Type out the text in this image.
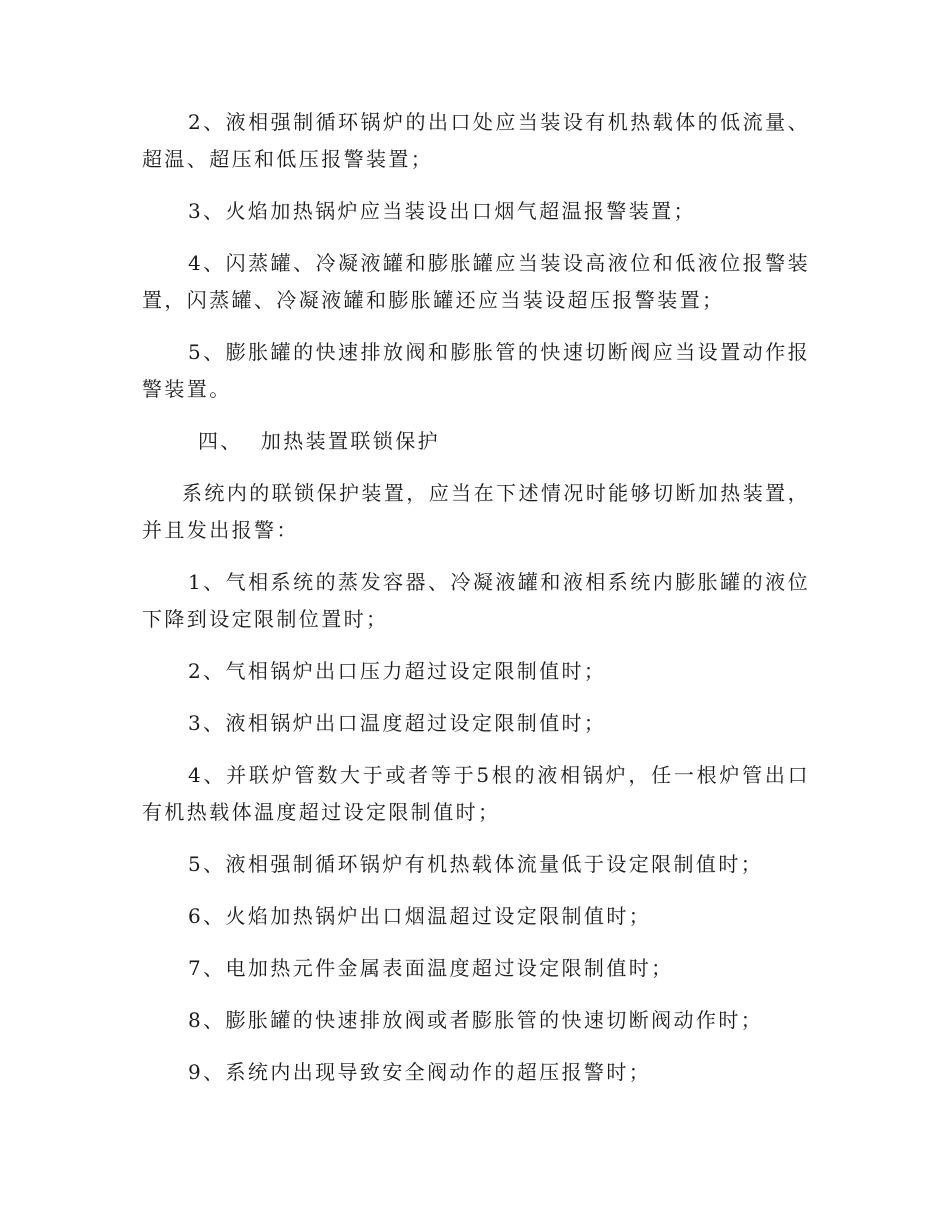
2、液相强制循环锅炉的出口处应当装设有机热载体的低流量、超温、超压和低压报警装置；

3、火焰加热锅炉应当装设出口烟气超温报警装置；

4、闪蒸罐、冷凝液罐和膨胀罐应当装设高液位和低液位报警装置，闪蒸罐、冷凝液罐和膨胀罐还应当装设超压报警装置；

5、膨胀罐的快速排放阀和膨胀管的快速切断阀应当设置动作报警装置。

四、 加热装置联锁保护

系统内的联锁保护装置，应当在下述情况时能够切断加热装置，并且发出报警：

1、气相系统的蒸发容器、冷凝液罐和液相系统内膨胀罐的液位下降到设定限制位置时；

2、气相锅炉出口压力超过设定限制值时；

3、液相锅炉出口温度超过设定限制值时；

4、并联炉管数大于或者等于5根的液相锅炉，任一根炉管出口有机热载体温度超过设定限制值时；

5、液相强制循环锅炉有机热载体流量低于设定限制值时；

6、火焰加热锅炉出口烟温超过设定限制值时；

7、电加热元件金属表面温度超过设定限制值时；

8、膨胀罐的快速排放阀或者膨胀管的快速切断阀动作时；

9、系统内出现导致安全阀动作的超压报警时；
